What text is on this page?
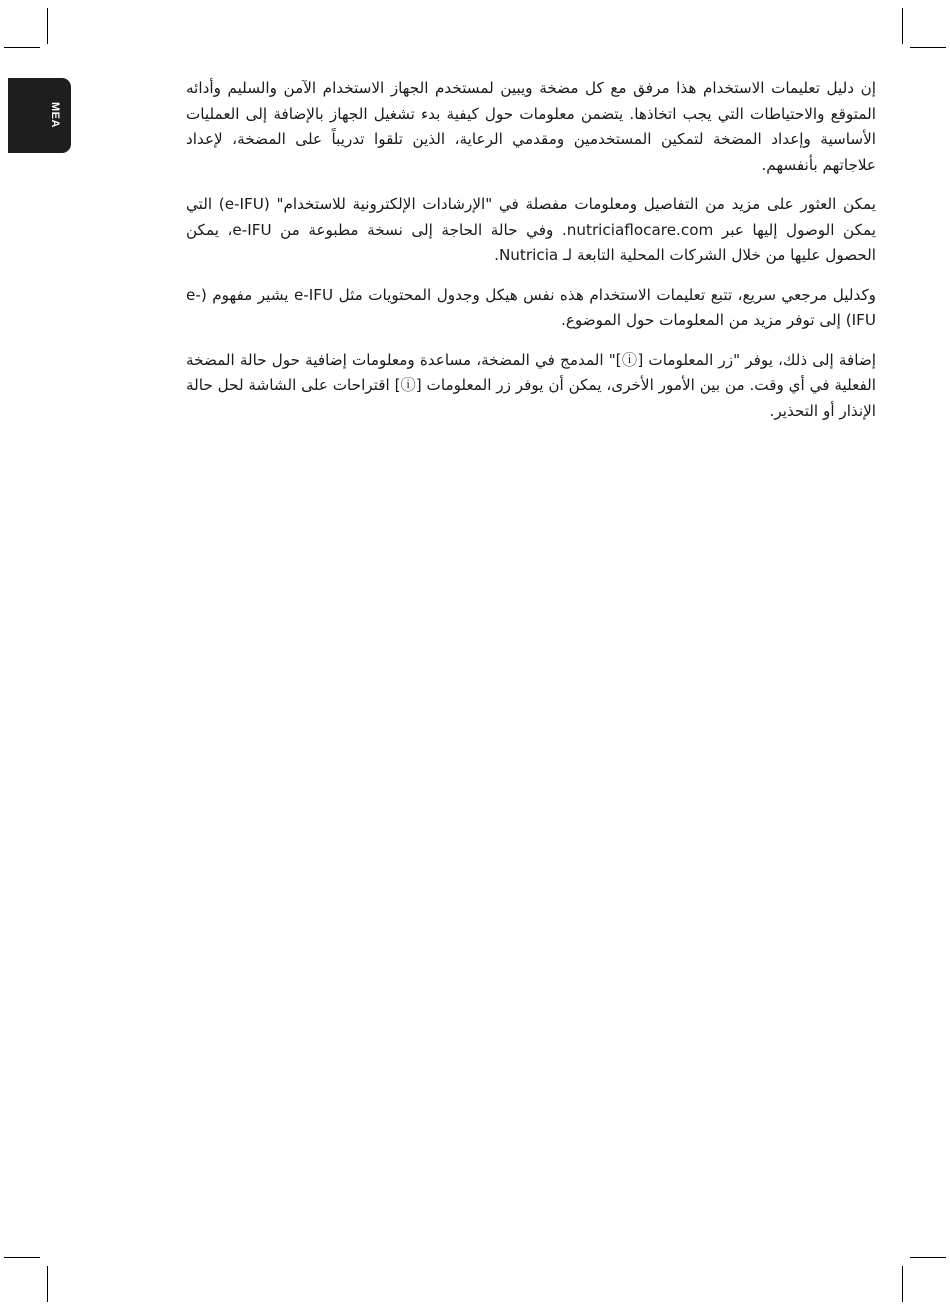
MEA

إن دليل تعليمات الاستخدام هذا مرفق مع كل مضخة ويبين لمستخدم الجهاز الاستخدام الآمن والسليم وأدائه المتوقع والاحتياطات التي يجب اتخاذها. يتضمن معلومات حول كيفية بدء تشغيل الجهاز بالإضافة إلى العمليات الأساسية وإعداد المضخة لتمكين المستخدمين ومقدمي الرعاية، الذين تلقوا تدريباً على المضخة، لإعداد علاجاتهم بأنفسهم.

يمكن العثور على مزيد من التفاصيل ومعلومات مفصلة في "الإرشادات الإلكترونية للاستخدام" (e-IFU) التي يمكن الوصول إليها عبر nutriciaflocare.com. وفي حالة الحاجة إلى نسخة مطبوعة من e-IFU، يمكن الحصول عليها من خلال الشركات المحلية التابعة لـ Nutricia.

وكدليل مرجعي سريع، تتبع تعليمات الاستخدام هذه نفس هيكل وجدول المحتويات مثل e-IFU يشير مفهوم (e-IFU) إلى توفر مزيد من المعلومات حول الموضوع.

إضافة إلى ذلك، يوفر "زر المعلومات [ⓘ]" المدمج في المضخة، مساعدة ومعلومات إضافية حول حالة المضخة الفعلية في أي وقت. من بين الأمور الأخرى، يمكن أن يوفر زر المعلومات [ⓘ] اقتراحات على الشاشة لحل حالة الإنذار أو التحذير.
